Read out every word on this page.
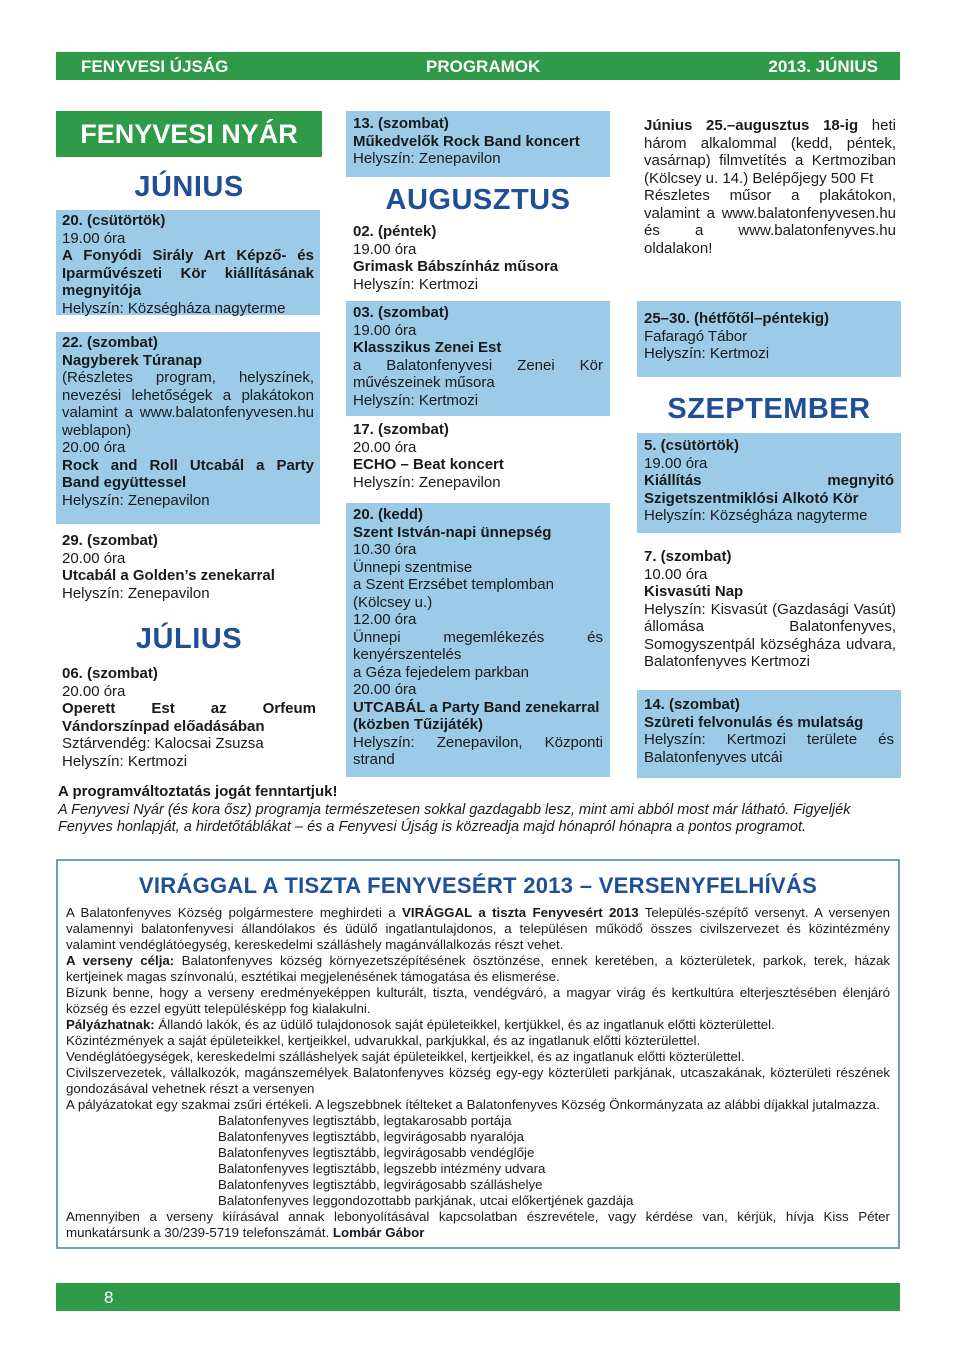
FENYVESI ÚJSÁG	PROGRAMOK	2013. JÚNIUS
FENYVESI NYÁR
JÚNIUS

20. (csütörtök)

19.00 óra

A Fonyódi Sirály Art Képző- és Iparművészeti Kör kiállításának megnyitója

Helyszín: Községháza nagyterme

22. (szombat)

Nagyberek Túranap

(Részletes program, helyszínek, nevezési lehetőségek a plakátokon valamint a www.balatonfenyvesen.hu weblapon)

20.00 óra

Rock and Roll Utcabál a Party Band együttessel

Helyszín: Zenepavilon

29. (szombat)

20.00 óra

Utcabál a Golden’s zenekarral

Helyszín: Zenepavilon

JÚLIUS

06. (szombat)

20.00 óra

Operett Est az Orfeum Vándorszínpad előadásában

Sztárvendég: Kalocsai Zsuzsa

Helyszín: Kertmozi

13. (szombat)

Műkedvelők Rock Band koncert

Helyszín: Zenepavilon

AUGUSZTUS

02. (péntek)

19.00 óra

Grimask Bábszínház műsora

Helyszín: Kertmozi

03. (szombat)

19.00 óra

Klasszikus Zenei Est

a Balatonfenyvesi Zenei Kör művészeinek műsora

Helyszín: Kertmozi

17. (szombat)

20.00 óra

ECHO – Beat koncert

Helyszín: Zenepavilon

20. (kedd)

Szent István-napi ünnepség

10.30 óra

Ünnepi szentmise

a Szent Erzsébet templomban (Kölcsey u.)

12.00 óra

Ünnepi megemlékezés és kenyérszentelés

a Géza fejedelem parkban

20.00 óra

UTCABÁL a Party Band zenekarral (közben Tűzijáték)

Helyszín: Zenepavilon, Központi strand

Június 25.–augusztus 18-ig heti három alkalommal (kedd, péntek, vasárnap) filmvetítés a Kertmoziban (Kölcsey u. 14.) Belépőjegy 500 Ft

Részletes műsor a plakátokon, valamint a www.balatonfenyvesen.hu és a www.balatonfenyves.hu oldalakon!

25–30. (hétfőtől–péntekig)

Fafaragó Tábor

Helyszín: Kertmozi

SZEPTEMBER

5. (csütörtök)

19.00 óra

Kiállítás megnyitó Szigetszentmiklósi Alkotó Kör

Helyszín: Községháza nagyterme

7. (szombat)

10.00 óra

Kisvasúti Nap

Helyszín: Kisvasút (Gazdasági Vasút) állomása Balatonfenyves, Somogyszentpál községháza udvara, Balatonfenyves Kertmozi

14. (szombat)

Szüreti felvonulás és mulatság

Helyszín: Kertmozi területe és Balatonfenyves utcái

A programváltoztatás jogát fenntartjuk!
A Fenyvesi Nyár (és kora ősz) programja természetesen sokkal gazdagabb lesz, mint ami abból most már látható. Figyeljék Fenyves honlapját, a hirdetőtáblákat – és a Fenyvesi Újság is közreadja majd hónapról hónapra a pontos programot.
VIRÁGGAL A TISZTA FENYVESÉRT 2013 – VERSENYFELHÍVÁS

A Balatonfenyves Község polgármestere meghirdeti a VIRÁGGAL a tiszta Fenyvesért 2013 Település-szépítő versenyt. A versenyen valamennyi balatonfenyvesi állandólakos és üdülő ingatlantulajdonos, a településen működő összes civilszervezet és közintézmény valamint vendéglátóegység, kereskedelmi szálláshely magánvállalkozás részt vehet.

A verseny célja: Balatonfenyves község környezetszépítésének ösztönzése, ennek keretében, a közterületek, parkok, terek, házak kertjeinek magas színvonalú, esztétikai megjelenésének támogatása és elismerése.

Bízunk benne, hogy a verseny eredményeképpen kulturált, tiszta, vendégváró, a magyar virág és kertkultúra elterjesztésében élenjáró község és ezzel együtt településképp fog kialakulni.

Pályázhatnak: Állandó lakók, és az üdülő tulajdonosok saját épületeikkel, kertjükkel, és az ingatlanuk előtti közterülettel.

Közintézmények a saját épületeikkel, kertjeikkel, udvarukkal, parkjukkal, és az ingatlanuk előtti közterülettel.

Vendéglátóegységek, kereskedelmi szálláshelyek saját épületeikkel, kertjeikkel, és az ingatlanuk előtti közterülettel.

Civilszervezetek, vállalkozók, magánszemélyek Balatonfenyves község egy-egy közterületi parkjának, utcaszakának, közterületi részének gondozásával vehetnek részt a versenyen

A pályázatokat egy szakmai zsűri értékeli. A legszebbnek ítélteket a Balatonfenyves Község Önkormányzata az alábbi díjakkal jutalmazza.

Balatonfenyves legtisztább, legtakarosabb portája

Balatonfenyves legtisztább, legvirágosabb nyaralója

Balatonfenyves legtisztább, legvirágosabb vendéglője

Balatonfenyves legtisztább, legszebb intézmény udvara

Balatonfenyves legtisztább, legvirágosabb szálláshelye

Balatonfenyves leggondozottabb parkjának, utcai előkertjének gazdája

Amennyiben a verseny kiírásával annak lebonyolításával kapcsolatban észrevétele, vagy kérdése van, kérjük, hívja Kiss Péter munkatársunk a 30/239-5719 telefonszámát. Lombár Gábor

8
